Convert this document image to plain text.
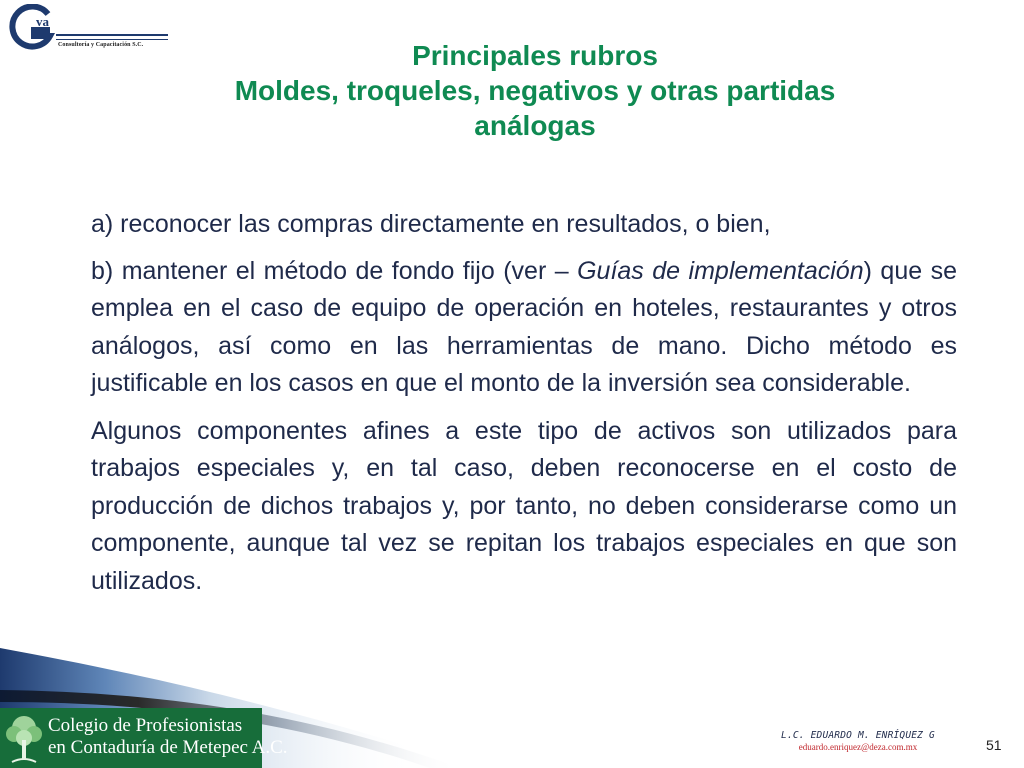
va
Consultoría y Capacitación S.C.	Principales rubros
Moldes, troqueles, negativos y otras partidas
análogas

a) reconocer las compras directamente en resultados, o bien,

b) mantener el método de fondo fijo (ver – Guías de implementación) que se emplea en el caso de equipo de operación en hoteles, restaurantes y otros análogos, así como en las herramientas de mano. Dicho método es justificable en los casos en que el monto de la inversión sea considerable.

Algunos componentes afines a este tipo de activos son utilizados para trabajos especiales y, en tal caso, deben reconocerse en el costo de producción de dichos trabajos y, por tanto, no deben considerarse como un componente, aunque tal vez se repitan los trabajos especiales en que son utilizados.

Colegio de Profesionistas
en Contaduría de Metepec A.C.
L.C. EDUARDO M. ENRÍQUEZ G
eduardo.enriquez@deza.com.mx	51
